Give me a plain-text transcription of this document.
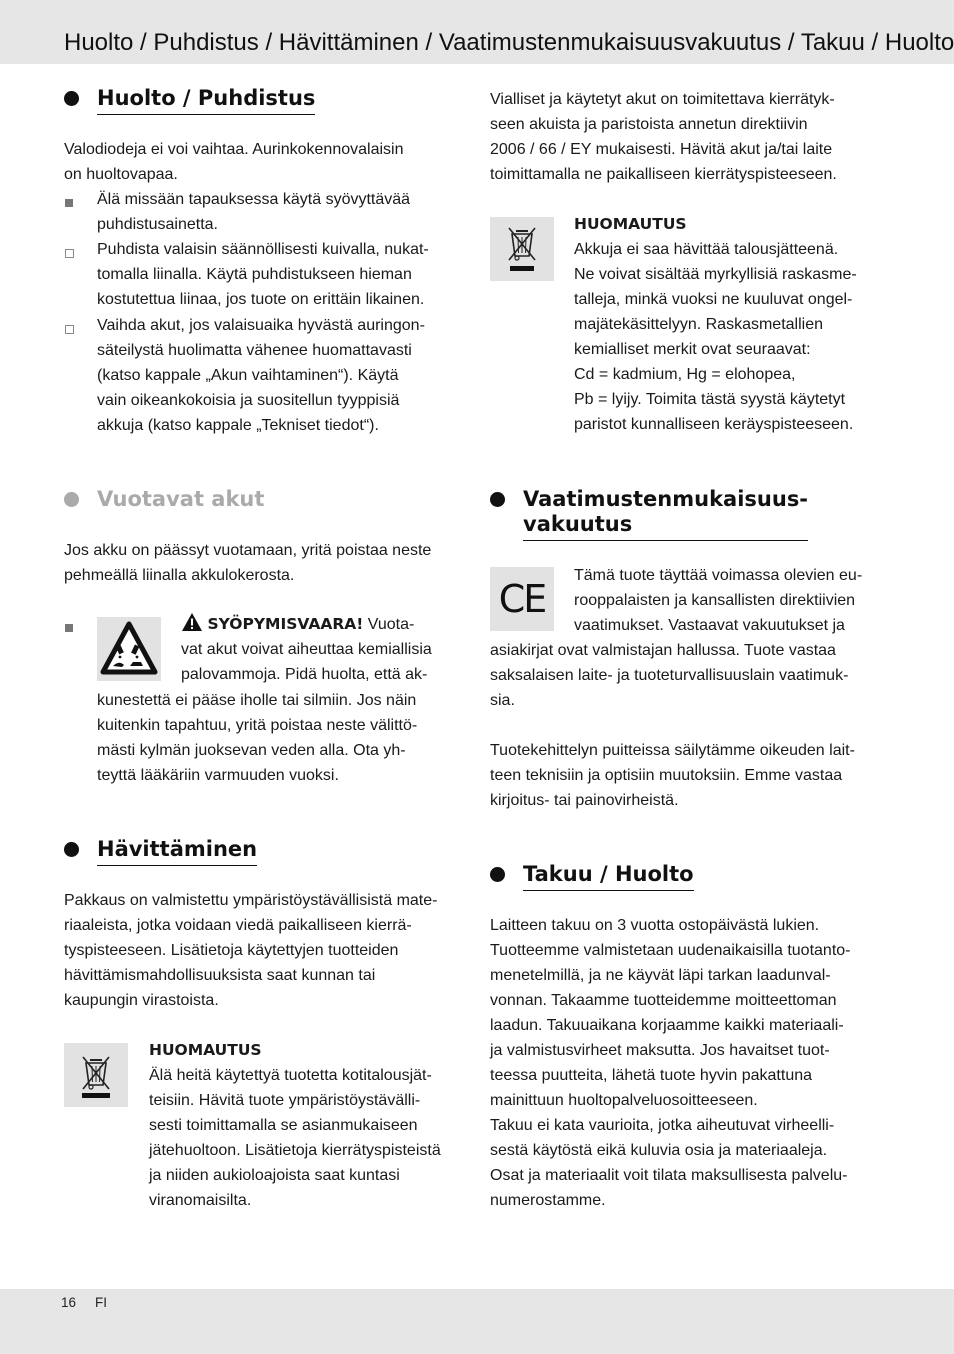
Huolto / Puhdistus / Hävittäminen / Vaatimustenmukaisuusvakuutus / Takuu / Huolto
Huolto / Puhdistus
Valodiodeja ei voi vaihtaa. Aurinkokennovalaisin
on huoltovapaa.
Älä missään tapauksessa käytä syövyttävää
puhdistusainetta.
Puhdista valaisin säännöllisesti kuivalla, nukat-
tomalla liinalla. Käytä puhdistukseen hieman
kostutettua liinaa, jos tuote on erittäin likainen.
Vaihda akut, jos valaisuaika hyvästä auringon-
säteilystä huolimatta vähenee huomattavasti
(katso kappale „Akun vaihtaminen“). Käytä
vain oikeankokoisia ja suositellun tyyppisiä
akkuja (katso kappale „Tekniset tiedot“).
Vuotavat akut
Jos akku on päässyt vuotamaan, yritä poistaa neste
pehmeällä liinalla akkulokerosta.
SYÖPYMISVAARA! Vuota-
vat akut voivat aiheuttaa kemiallisia
palovammoja. Pidä huolta, että ak-
kunestettä ei pääse iholle tai silmiin. Jos näin
kuitenkin tapahtuu, yritä poistaa neste välittö-
mästi kylmän juoksevan veden alla. Ota yh-
teyttä lääkäriin varmuuden vuoksi.
Hävittäminen
Pakkaus on valmistettu ympäristöystävällisistä mate-
riaaleista, jotka voidaan viedä paikalliseen kierrä-
tyspisteeseen. Lisätietoja käytettyjen tuotteiden
hävittämismahdollisuuksista saat kunnan tai
kaupungin virastoista.
HUOMAUTUS
Älä heitä käytettyä tuotetta kotitalousjät-
teisiin. Hävitä tuote ympäristöystävälli-
sesti toimittamalla se asianmukaiseen
jätehuoltoon. Lisätietoja kierrätyspisteistä
ja niiden aukioloajoista saat kuntasi
viranomaisilta.
Vialliset ja käytetyt akut on toimitettava kierrätyk-
seen akuista ja paristoista annetun direktiivin
2006 / 66 / EY mukaisesti. Hävitä akut ja/tai laite
toimittamalla ne paikalliseen kierrätyspisteeseen.
HUOMAUTUS
Akkuja ei saa hävittää talousjätteenä.
Ne voivat sisältää myrkyllisiä raskasme-
talleja, minkä vuoksi ne kuuluvat ongel-
majätekäsittelyyn. Raskasmetallien
kemialliset merkit ovat seuraavat:
Cd = kadmium, Hg = elohopea,
Pb = lyijy. Toimita tästä syystä käytetyt
paristot kunnalliseen keräyspisteeseen.
Vaatimustenmukaisuus-
vakuutus
CE
Tämä tuote täyttää voimassa olevien eu-
rooppalaisten ja kansallisten direktiivien
vaatimukset. Vastaavat vakuutukset ja
asiakirjat ovat valmistajan hallussa. Tuote vastaa
saksalaisen laite- ja tuoteturvallisuuslain vaatimuk-
sia.
Tuotekehittelyn puitteissa säilytämme oikeuden lait-
teen teknisiin ja optisiin muutoksiin. Emme vastaa
kirjoitus- tai painovirheistä.
Takuu / Huolto
Laitteen takuu on 3 vuotta ostopäivästä lukien.
Tuotteemme valmistetaan uudenaikaisilla tuotanto-
menetelmillä, ja ne käyvät läpi tarkan laadunval-
vonnan. Takaamme tuotteidemme moitteettoman
laadun. Takuuaikana korjaamme kaikki materiaali-
ja valmistusvirheet maksutta. Jos havaitset tuot-
teessa puutteita, lähetä tuote hyvin pakattuna
mainittuun huoltopalveluosoitteeseen.
Takuu ei kata vaurioita, jotka aiheutuvat virheelli-
sestä käytöstä eikä kuluvia osia ja materiaaleja.
Osat ja materiaalit voit tilata maksullisesta palvelu-
numerostamme.
16 FI
